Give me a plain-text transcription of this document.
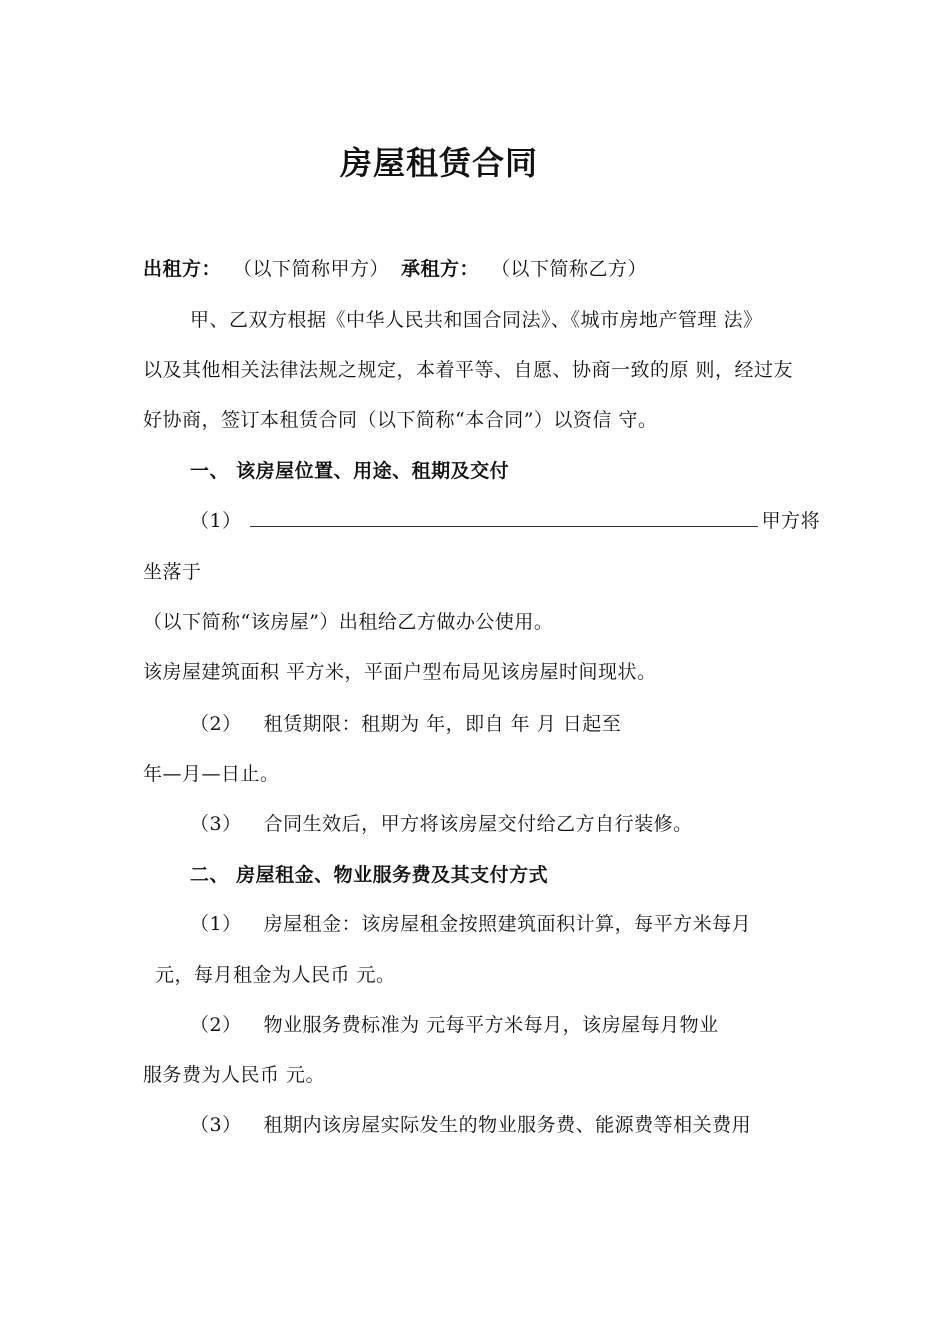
房屋租赁合同
出租方： （以下简称甲方） 承租方： （以下简称乙方）
甲、乙双方根据《中华人民共和国合同法》、《城市房地产管理 法》
以及其他相关法律法规之规定，本着平等、自愿、协商一致的原 则，经过友
好协商，签订本租赁合同（以下简称“本合同”）以资信 守。
一、 该房屋位置、用途、租期及交付
（1）	甲方将
坐落于
（以下简称“该房屋”）出租给乙方做办公使用。
该房屋建筑面积 平方米，平面户型布局见该房屋时间现状。
（2） 租赁期限：租期为 年，即自 年 月 日起至
年—月—日止。
（3） 合同生效后，甲方将该房屋交付给乙方自行装修。
二、 房屋租金、物业服务费及其支付方式
（1） 房屋租金：该房屋租金按照建筑面积计算，每平方米每月
元，每月租金为人民币 元。
（2） 物业服务费标准为 元每平方米每月，该房屋每月物业
服务费为人民币 元。
（3） 租期内该房屋实际发生的物业服务费、能源费等相关费用
